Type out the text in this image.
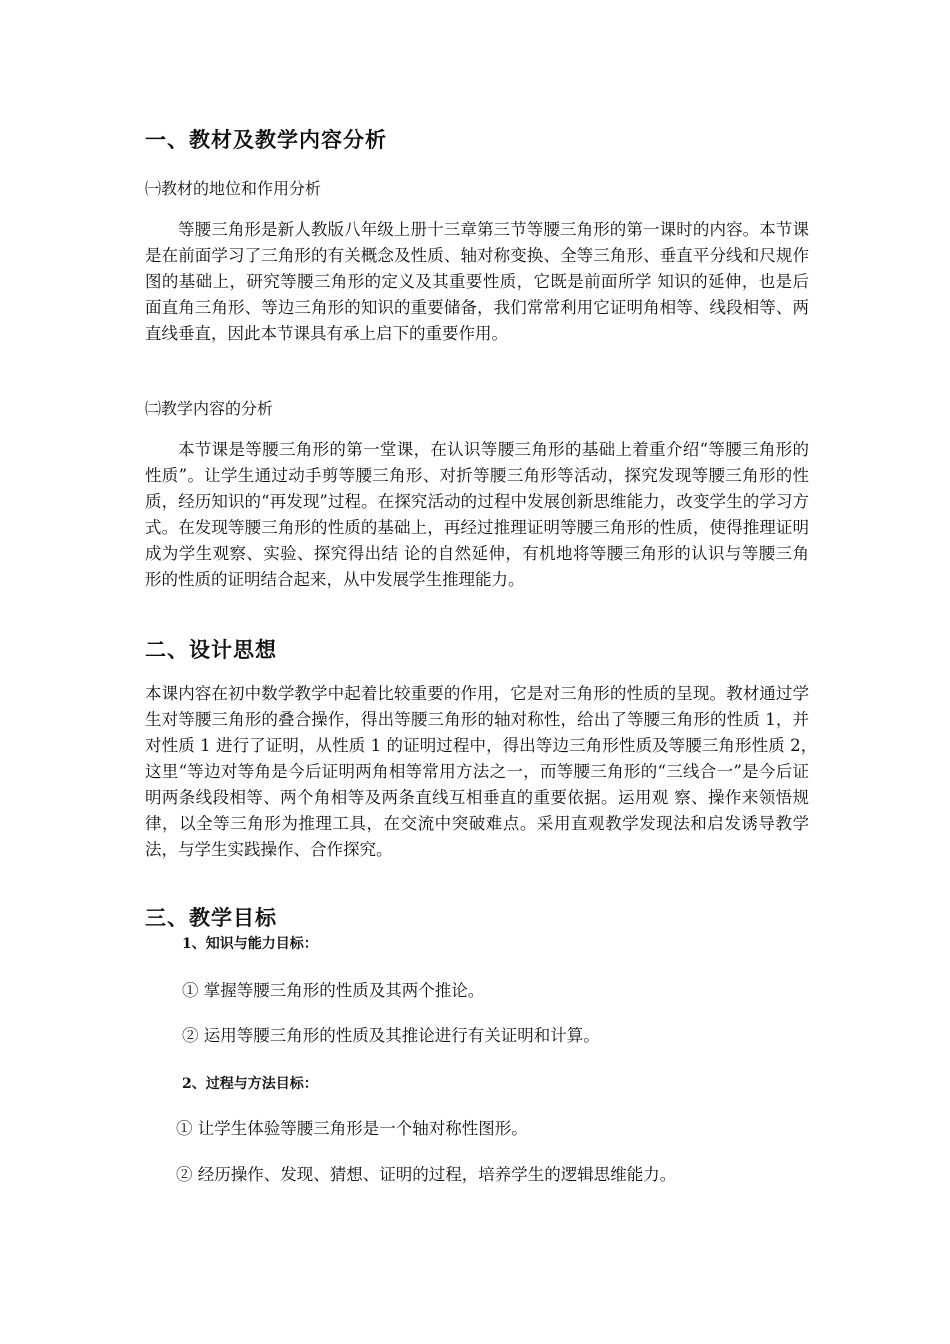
一、教材及教学内容分析
㈠教材的地位和作用分析

等腰三角形是新人教版八年级上册十三章第三节等腰三角形的第一课时的内容。本节课是在前面学习了三角形的有关概念及性质、轴对称变换、全等三角形、垂直平分线和尺规作图的基础上，研究等腰三角形的定义及其重要性质，它既是前面所学 知识的延伸，也是后面直角三角形、等边三角形的知识的重要储备，我们常常利用它证明角相等、线段相等、两直线垂直，因此本节课具有承上启下的重要作用。

㈡教学内容的分析

本节课是等腰三角形的第一堂课，在认识等腰三角形的基础上着重介绍“等腰三角形的性质”。让学生通过动手剪等腰三角形、对折等腰三角形等活动，探究发现等腰三角形的性质，经历知识的“再发现”过程。在探究活动的过程中发展创新思维能力，改变学生的学习方式。在发现等腰三角形的性质的基础上，再经过推理证明等腰三角形的性质，使得推理证明成为学生观察、实验、探究得出结 论的自然延伸，有机地将等腰三角形的认识与等腰三角形的性质的证明结合起来，从中发展学生推理能力。

二、设计思想

本课内容在初中数学教学中起着比较重要的作用，它是对三角形的性质的呈现。教材通过学生对等腰三角形的叠合操作，得出等腰三角形的轴对称性，给出了等腰三角形的性质 1，并对性质 1 进行了证明，从性质 1 的证明过程中，得出等边三角形性质及等腰三角形性质 2，　这里“等边对等角是今后证明两角相等常用方法之一，而等腰三角形的“三线合一”是今后证明两条线段相等、两个角相等及两条直线互相垂直的重要依据。运用观 察、操作来领悟规律，以全等三角形为推理工具，在交流中突破难点。采用直观教学发现法和启发诱导教学法，与学生实践操作、合作探究。

三、教学目标
1、知识与能力目标：
① 掌握等腰三角形的性质及其两个推论。
② 运用等腰三角形的性质及其推论进行有关证明和计算。
2、过程与方法目标：
① 让学生体验等腰三角形是一个轴对称性图形。
② 经历操作、发现、猜想、证明的过程，培养学生的逻辑思维能力。
